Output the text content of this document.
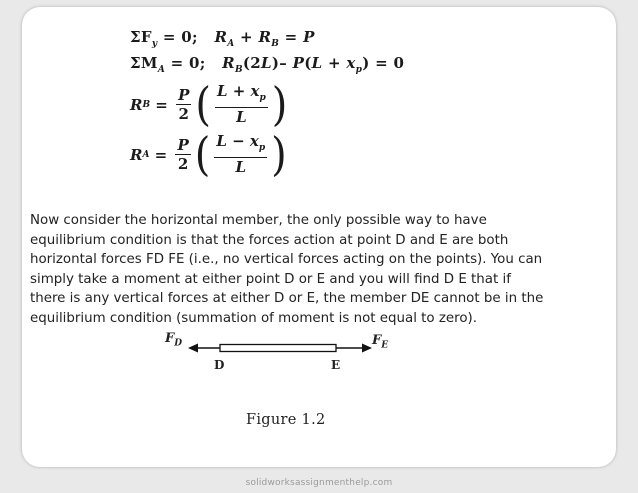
$\Sigma F_y = 0$;   $R_A + R_B = P$
$\Sigma M_A = 0$;   $R_B(2L)-$ $P(L + x_p) = 0$
R $B = \frac{P}{2}$ ( $\frac{L + x_p}{L}$ )
R $A = \frac{P}{2}$ ( $\frac{L - x_p}{L}$ )
Now consider the horizontal member, the only possible way to have equilibrium condition is that the forces action at point D and E are both horizontal forces FD FE (i.e., no vertical forces acting on the points). You can simply take a moment at either point D or E and you will find D E that if there is any vertical forces at either D or E, the member DE cannot be in the equilibrium condition (summation of moment is not equal to zero).
$F_D$	$F_E$
D	E
Figure 1.2
solidworksassignmenthelp.com
